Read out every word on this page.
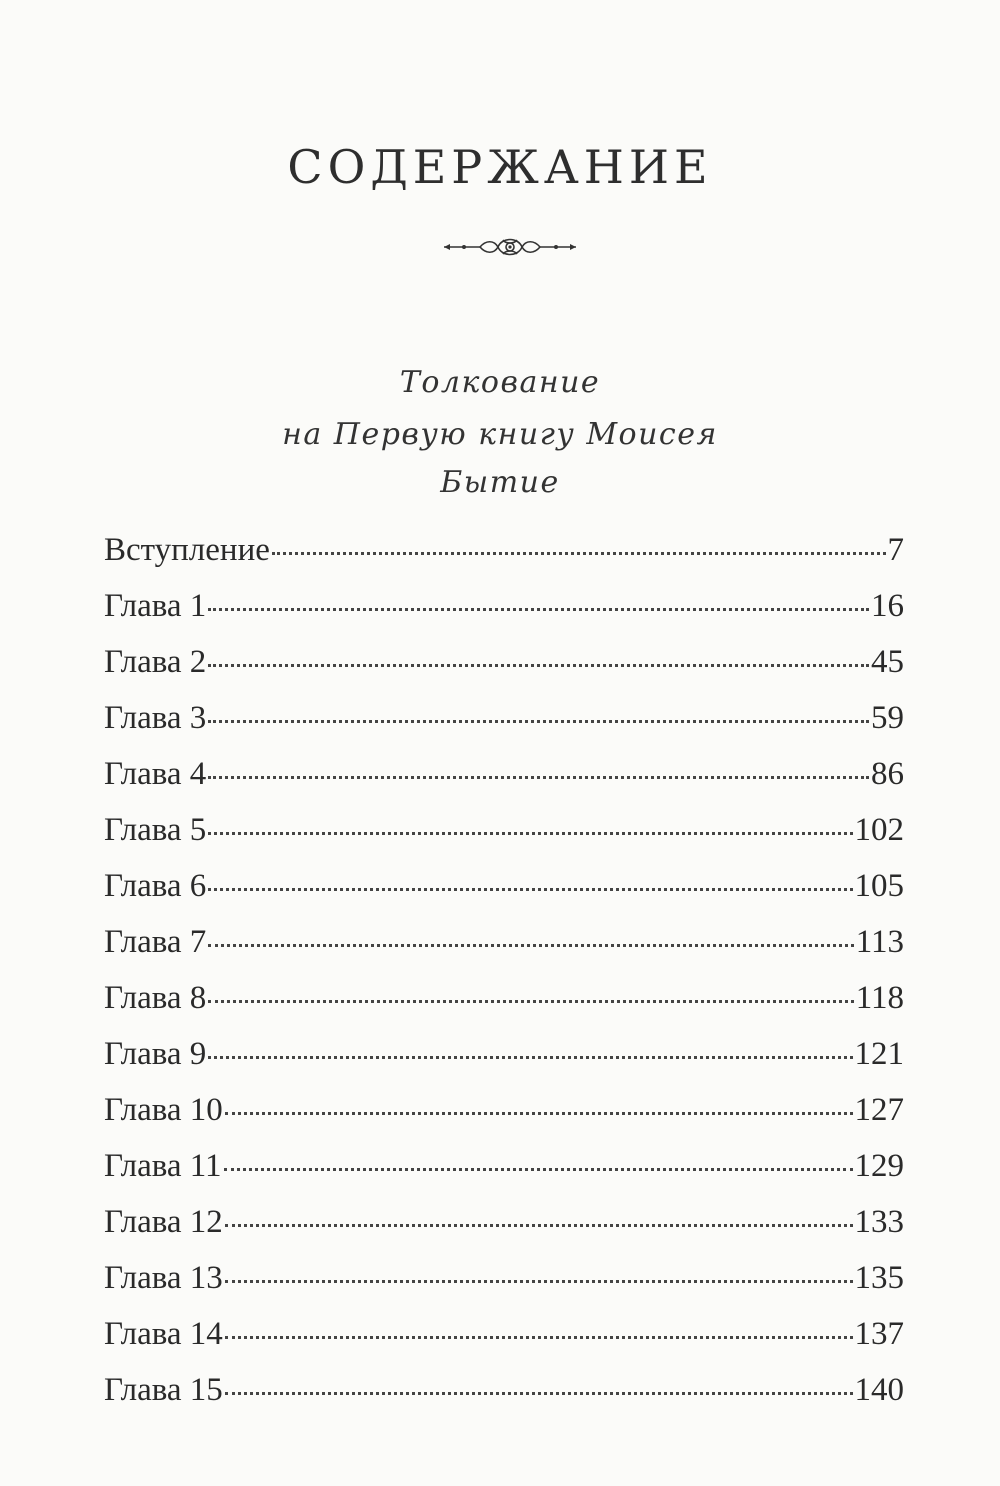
СОДЕРЖАНИЕ

Толкование

на Первую книгу Моисея

Бытие

Вступление	7
Глава 1	16
Глава 2	45
Глава 3	59
Глава 4	86
Глава 5	102
Глава 6	105
Глава 7	113
Глава 8	118
Глава 9	121
Глава 10	127
Глава 11	129
Глава 12	133
Глава 13	135
Глава 14	137
Глава 15	140
